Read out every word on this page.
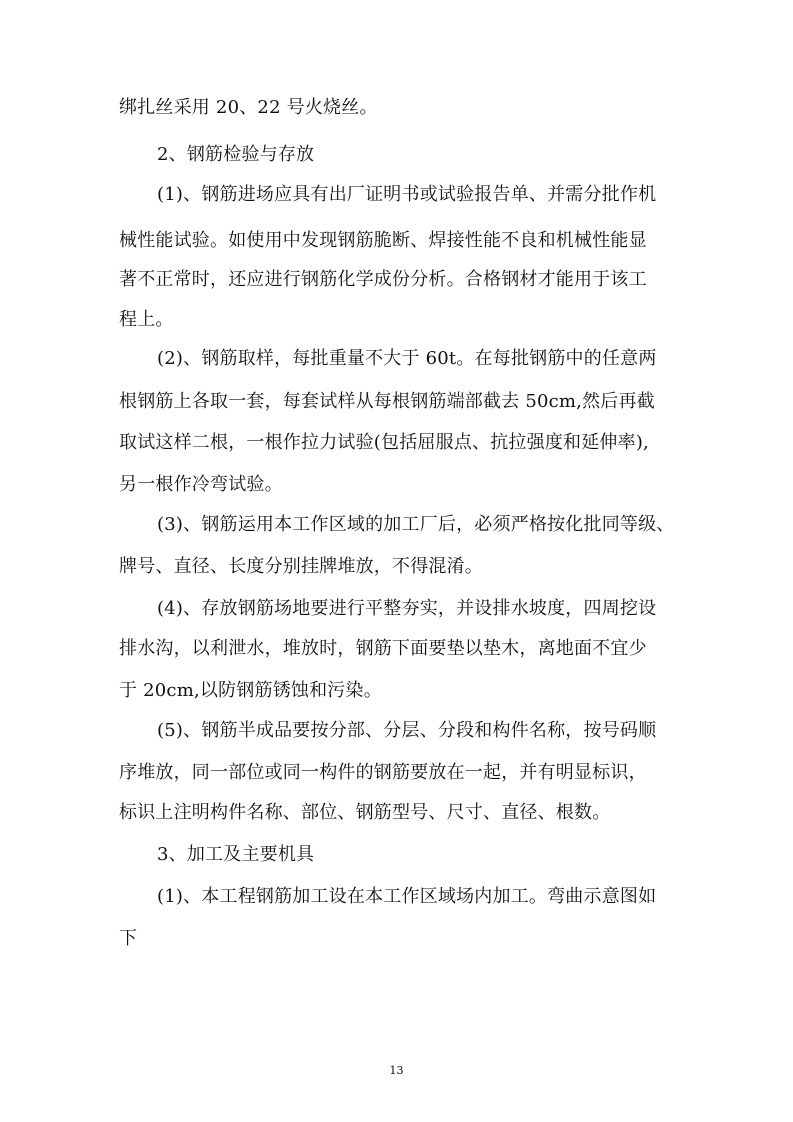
绑扎丝采用 20、22 号火烧丝。
2、钢筋检验与存放
(1)、钢筋进场应具有出厂证明书或试验报告单、并需分批作机
械性能试验。如使用中发现钢筋脆断、焊接性能不良和机械性能显
著不正常时，还应进行钢筋化学成份分析。合格钢材才能用于该工
程上。
(2)、钢筋取样，每批重量不大于 60t。在每批钢筋中的任意两
根钢筋上各取一套，每套试样从每根钢筋端部截去 50cm,然后再截
取试这样二根，一根作拉力试验(包括屈服点、抗拉强度和延伸率),
另一根作冷弯试验。
(3)、钢筋运用本工作区域的加工厂后，必须严格按化批同等级、
牌号、直径、长度分别挂牌堆放，不得混淆。
(4)、存放钢筋场地要进行平整夯实，并设排水坡度，四周挖设
排水沟，以利泄水，堆放时，钢筋下面要垫以垫木，离地面不宜少
于 20cm,以防钢筋锈蚀和污染。
(5)、钢筋半成品要按分部、分层、分段和构件名称，按号码顺
序堆放，同一部位或同一构件的钢筋要放在一起，并有明显标识，
标识上注明构件名称、部位、钢筋型号、尺寸、直径、根数。
3、加工及主要机具
(1)、本工程钢筋加工设在本工作区域场内加工。弯曲示意图如
下
13
